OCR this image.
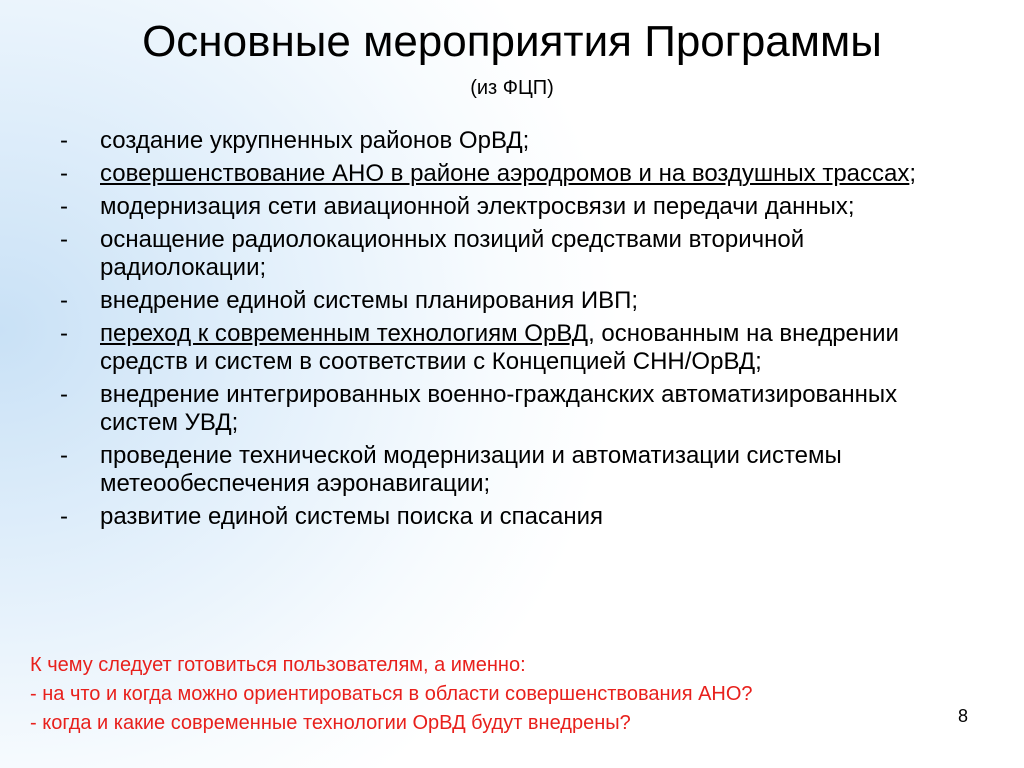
Основные мероприятия Программы
(из ФЦП)
- создание укрупненных районов ОрВД;
- совершенствование АНО в районе аэродромов и на воздушных трассах;
- модернизация сети авиационной электросвязи и передачи данных;
- оснащение радиолокационных позиций средствами вторичной радиолокации;
- внедрение единой системы планирования ИВП;
- переход к современным технологиям ОрВД, основанным на внедрении средств и систем в соответствии с Концепцией СНН/ОрВД;
- внедрение интегрированных военно-гражданских автоматизированных систем УВД;
- проведение технической модернизации и автоматизации системы метеообеспечения аэронавигации;
- развитие единой системы поиска и спасания
К чему следует готовиться пользователям, а именно:
- на что и когда можно ориентироваться в области совершенствования АНО?
- когда и какие современные технологии ОрВД будут внедрены?	8
